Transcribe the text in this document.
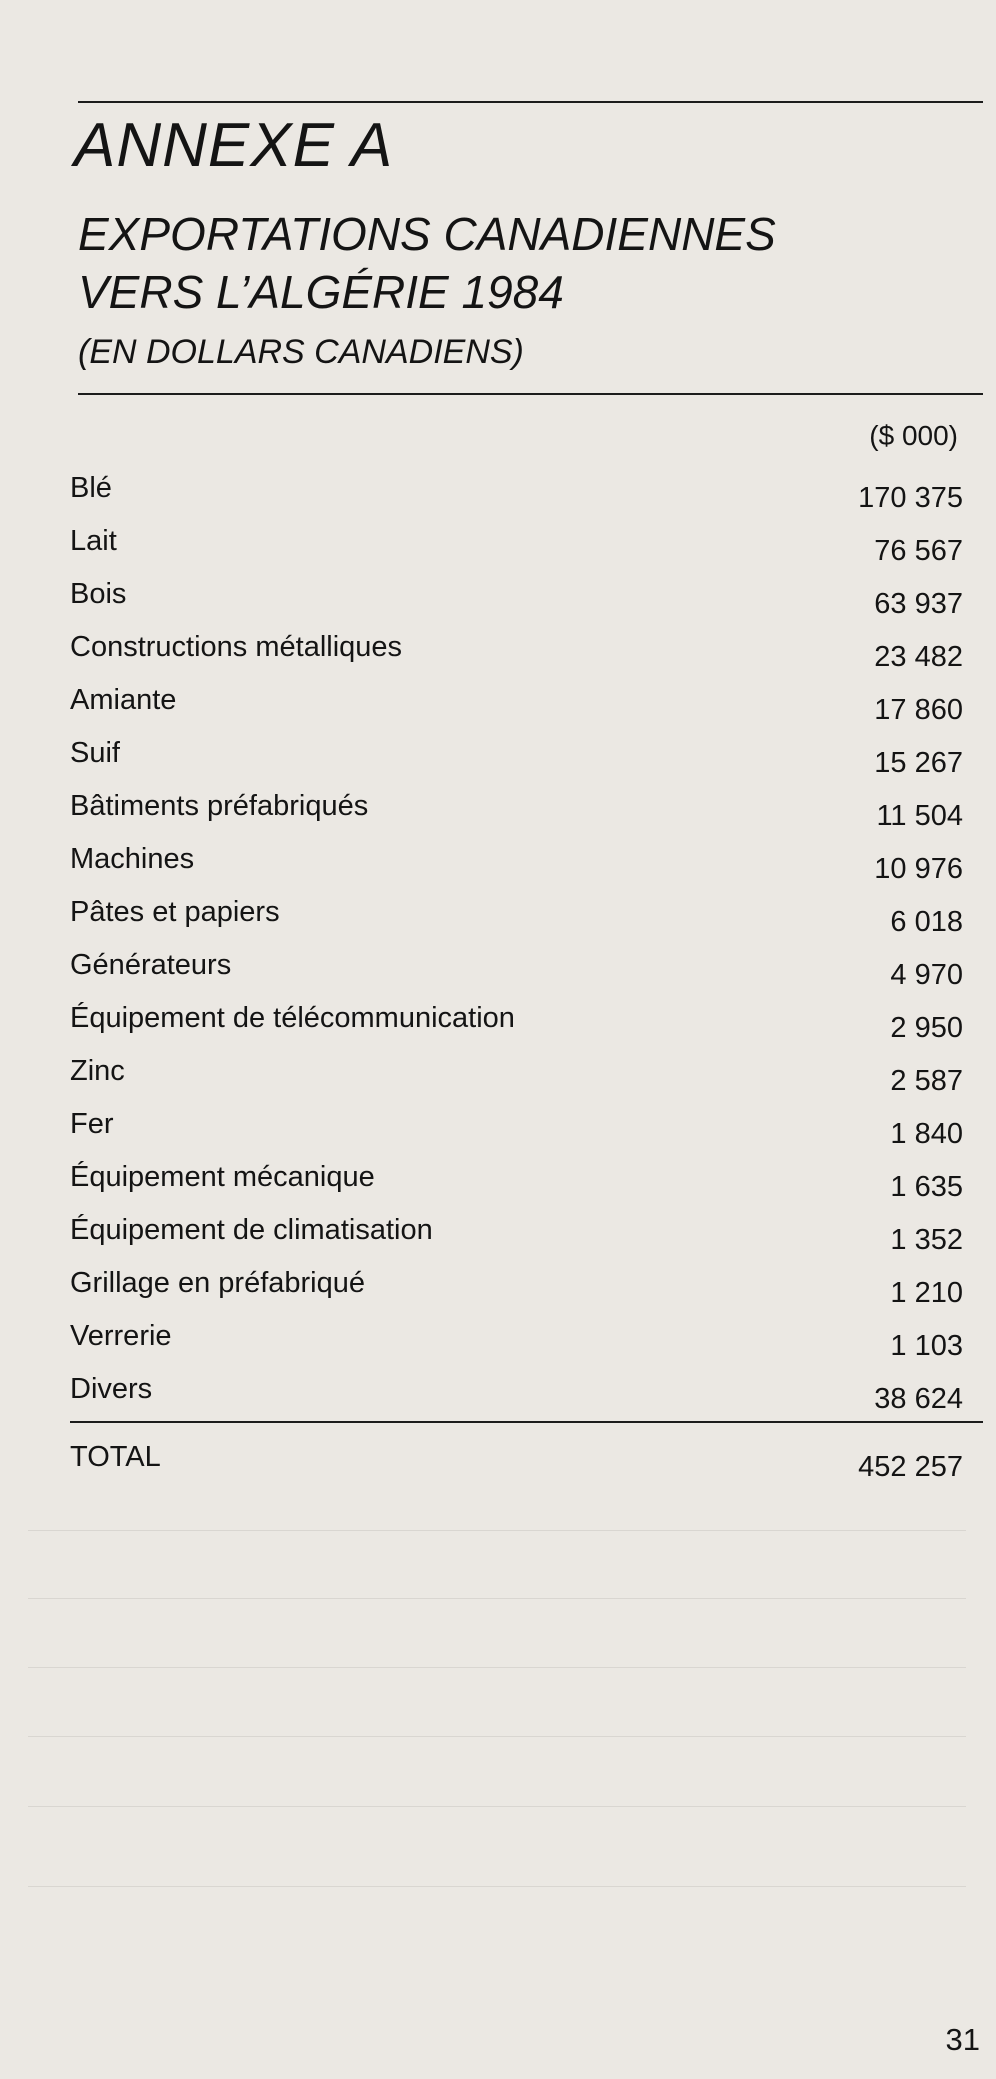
ANNEXE A
EXPORTATIONS CANADIENNES
VERS L’ALGÉRIE 1984
(EN DOLLARS CANADIENS)
($ 000)
Blé	170 375
Lait	76 567
Bois	63 937
Constructions métalliques	23 482
Amiante	17 860
Suif	15 267
Bâtiments préfabriqués	11 504
Machines	10 976
Pâtes et papiers	6 018
Générateurs	4 970
Équipement de télécommunication	2 950
Zinc	2 587
Fer	1 840
Équipement mécanique	1 635
Équipement de climatisation	1 352
Grillage en préfabriqué	1 210
Verrerie	1 103
Divers	38 624
TOTAL	452 257
31
